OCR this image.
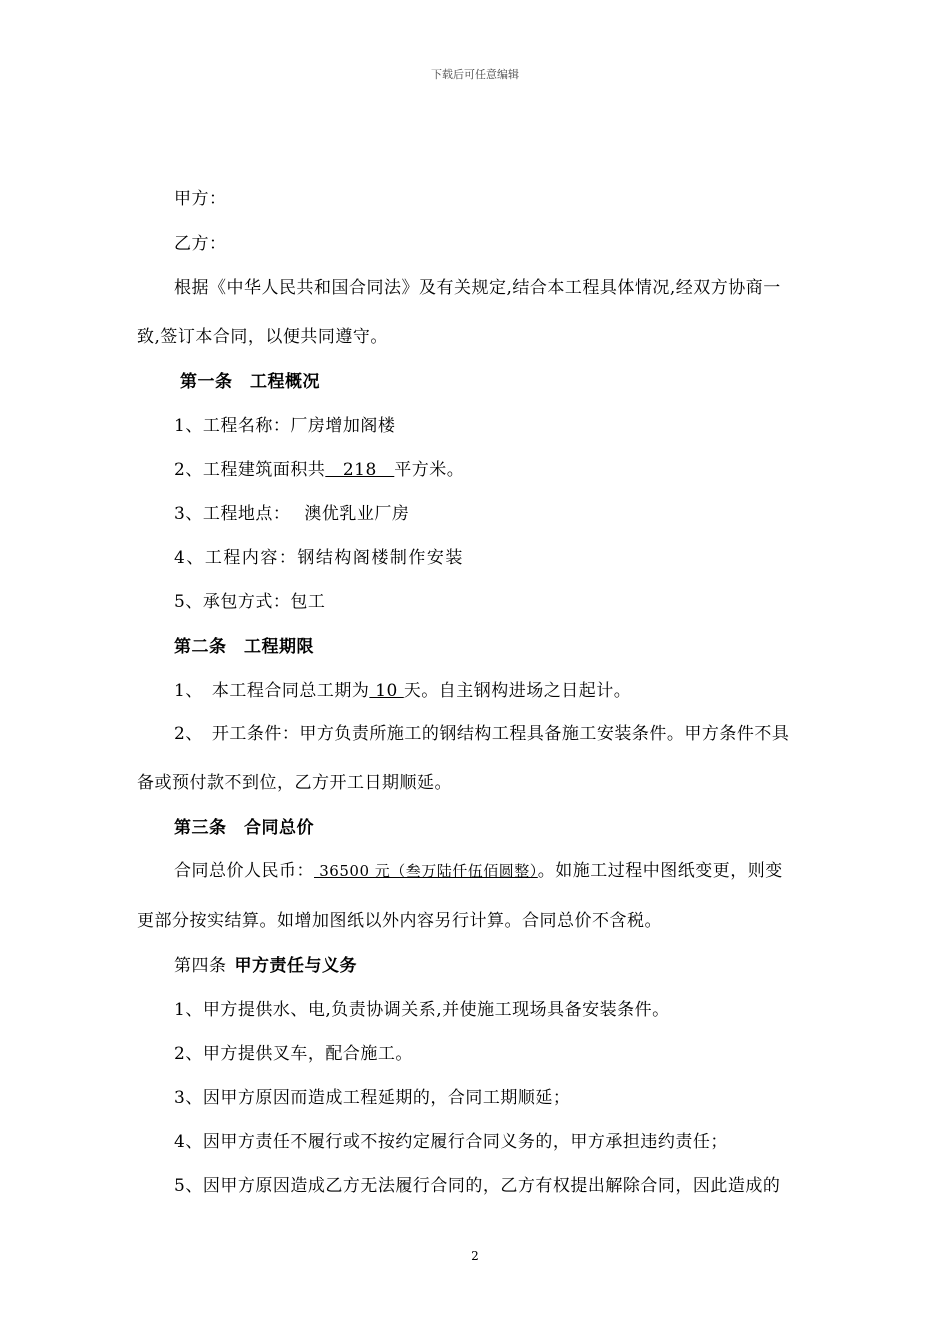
下载后可任意编辑
甲方：
乙方：
根据《中华人民共和国合同法》及有关规定,结合本工程具体情况,经双方协商一
致,签订本合同，以便共同遵守。
第一条　工程概况
1、工程名称：厂房增加阁楼
2、工程建筑面积共　218　平方米。
3、工程地点： 澳优乳业厂房
4、工程内容：钢结构阁楼制作安装
5、承包方式：包工
第二条　工程期限
1、　本工程合同总工期为 10 天。自主钢构进场之日起计。
2、　开工条件：甲方负责所施工的钢结构工程具备施工安装条件。甲方条件不具
备或预付款不到位，乙方开工日期顺延。
第三条　合同总价
合同总价人民币： 36500 元（叁万陆仟伍佰圆整）。如施工过程中图纸变更，则变
更部分按实结算。如增加图纸以外内容另行计算。合同总价不含税。
第四条 甲方责任与义务
1、甲方提供水、电,负责协调关系,并使施工现场具备安装条件。
2、甲方提供叉车，配合施工。
3、因甲方原因而造成工程延期的，合同工期顺延；
4、因甲方责任不履行或不按约定履行合同义务的，甲方承担违约责任；
5、因甲方原因造成乙方无法履行合同的，乙方有权提出解除合同，因此造成的
2
